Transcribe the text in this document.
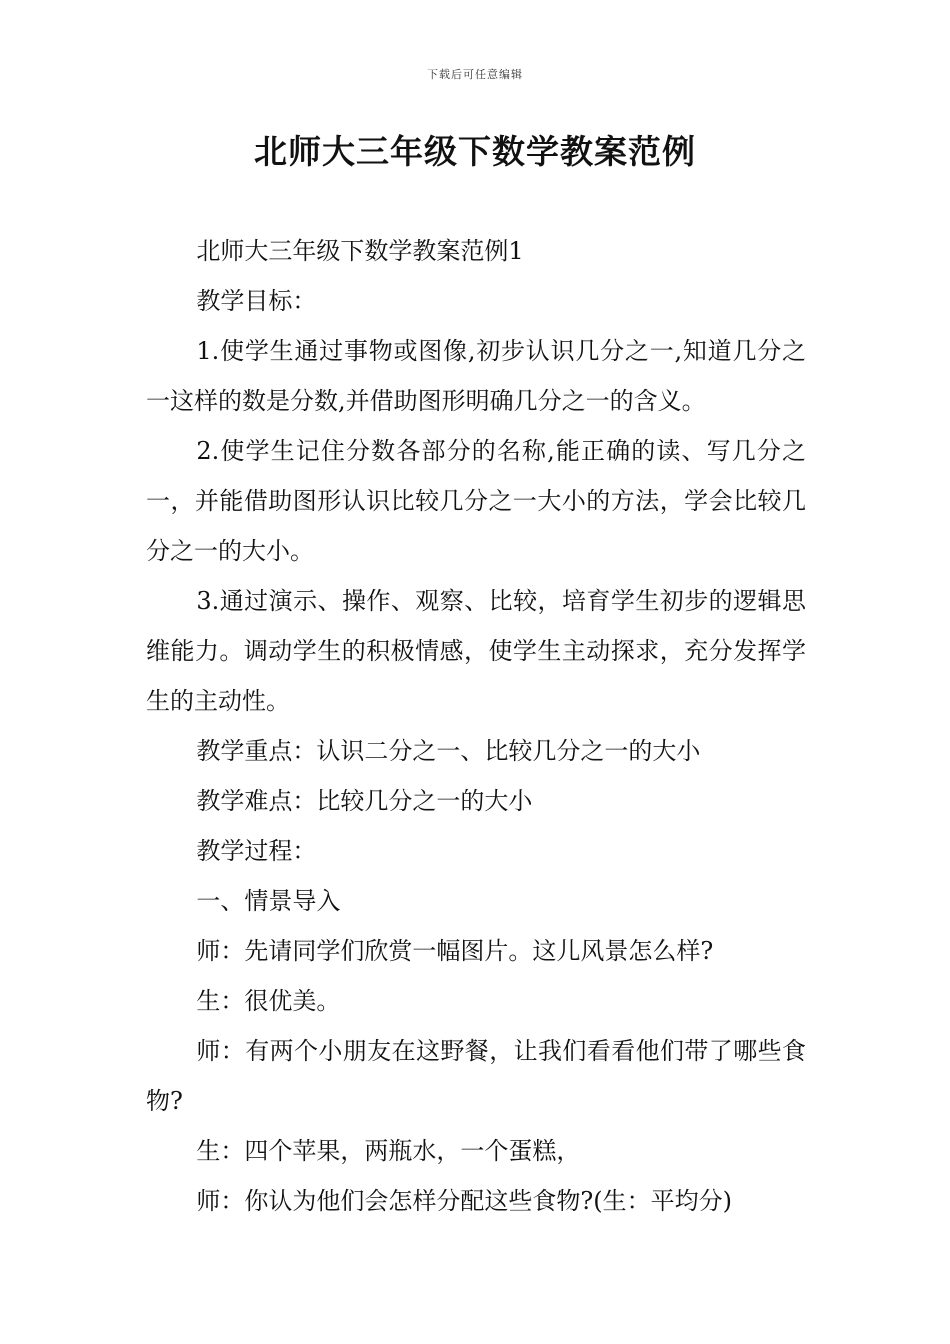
下载后可任意编辑
北师大三年级下数学教案范例

北师大三年级下数学教案范例1

教学目标：

1.使学生通过事物或图像,初步认识几分之一,知道几分之一这样的数是分数,并借助图形明确几分之一的含义。

2.使学生记住分数各部分的名称,能正确的读、写几分之一，并能借助图形认识比较几分之一大小的方法，学会比较几分之一的大小。

3.通过演示、操作、观察、比较，培育学生初步的逻辑思维能力。调动学生的积极情感，使学生主动探求，充分发挥学生的主动性。

教学重点：认识二分之一、比较几分之一的大小

教学难点：比较几分之一的大小

教学过程：

一、情景导入

师：先请同学们欣赏一幅图片。这儿风景怎么样?

生：很优美。

师：有两个小朋友在这野餐，让我们看看他们带了哪些食物?

生：四个苹果，两瓶水，一个蛋糕，

师：你认为他们会怎样分配这些食物?(生：平均分)
